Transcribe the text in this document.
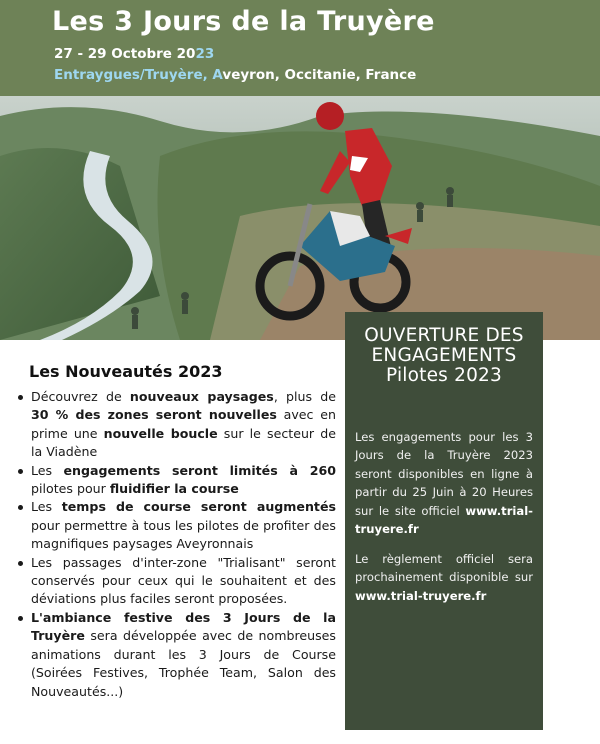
Les 3 Jours de la Truyère
27 - 29 Octobre 2023
Entraygues/Truyère, Aveyron, Occitanie, France
Les Nouveautés 2023
Découvrez de nouveaux paysages, plus de 30 % des zones seront nouvelles avec en prime une nouvelle boucle sur le secteur de la Viadène
Les engagements seront limités à 260 pilotes pour fluidifier la course
Les temps de course seront augmentés pour permettre à tous les pilotes de profiter des magnifiques paysages Aveyronnais
Les passages d'inter-zone "Trialisant" seront conservés pour ceux qui le souhaitent et des déviations plus faciles seront proposées.
L'ambiance festive des 3 Jours de la Truyère sera développée avec de nombreuses animations durant les 3 Jours de Course (Soirées Festives, Trophée Team, Salon des Nouveautés...)
OUVERTURE DES
ENGAGEMENTS
Pilotes 2023

Les engagements pour les 3 Jours de la Truyère 2023 seront disponibles en ligne à partir du 25 Juin à 20 Heures sur le site officiel www.trial-truyere.fr

Le règlement officiel sera prochainement disponible sur www.trial-truyere.fr
